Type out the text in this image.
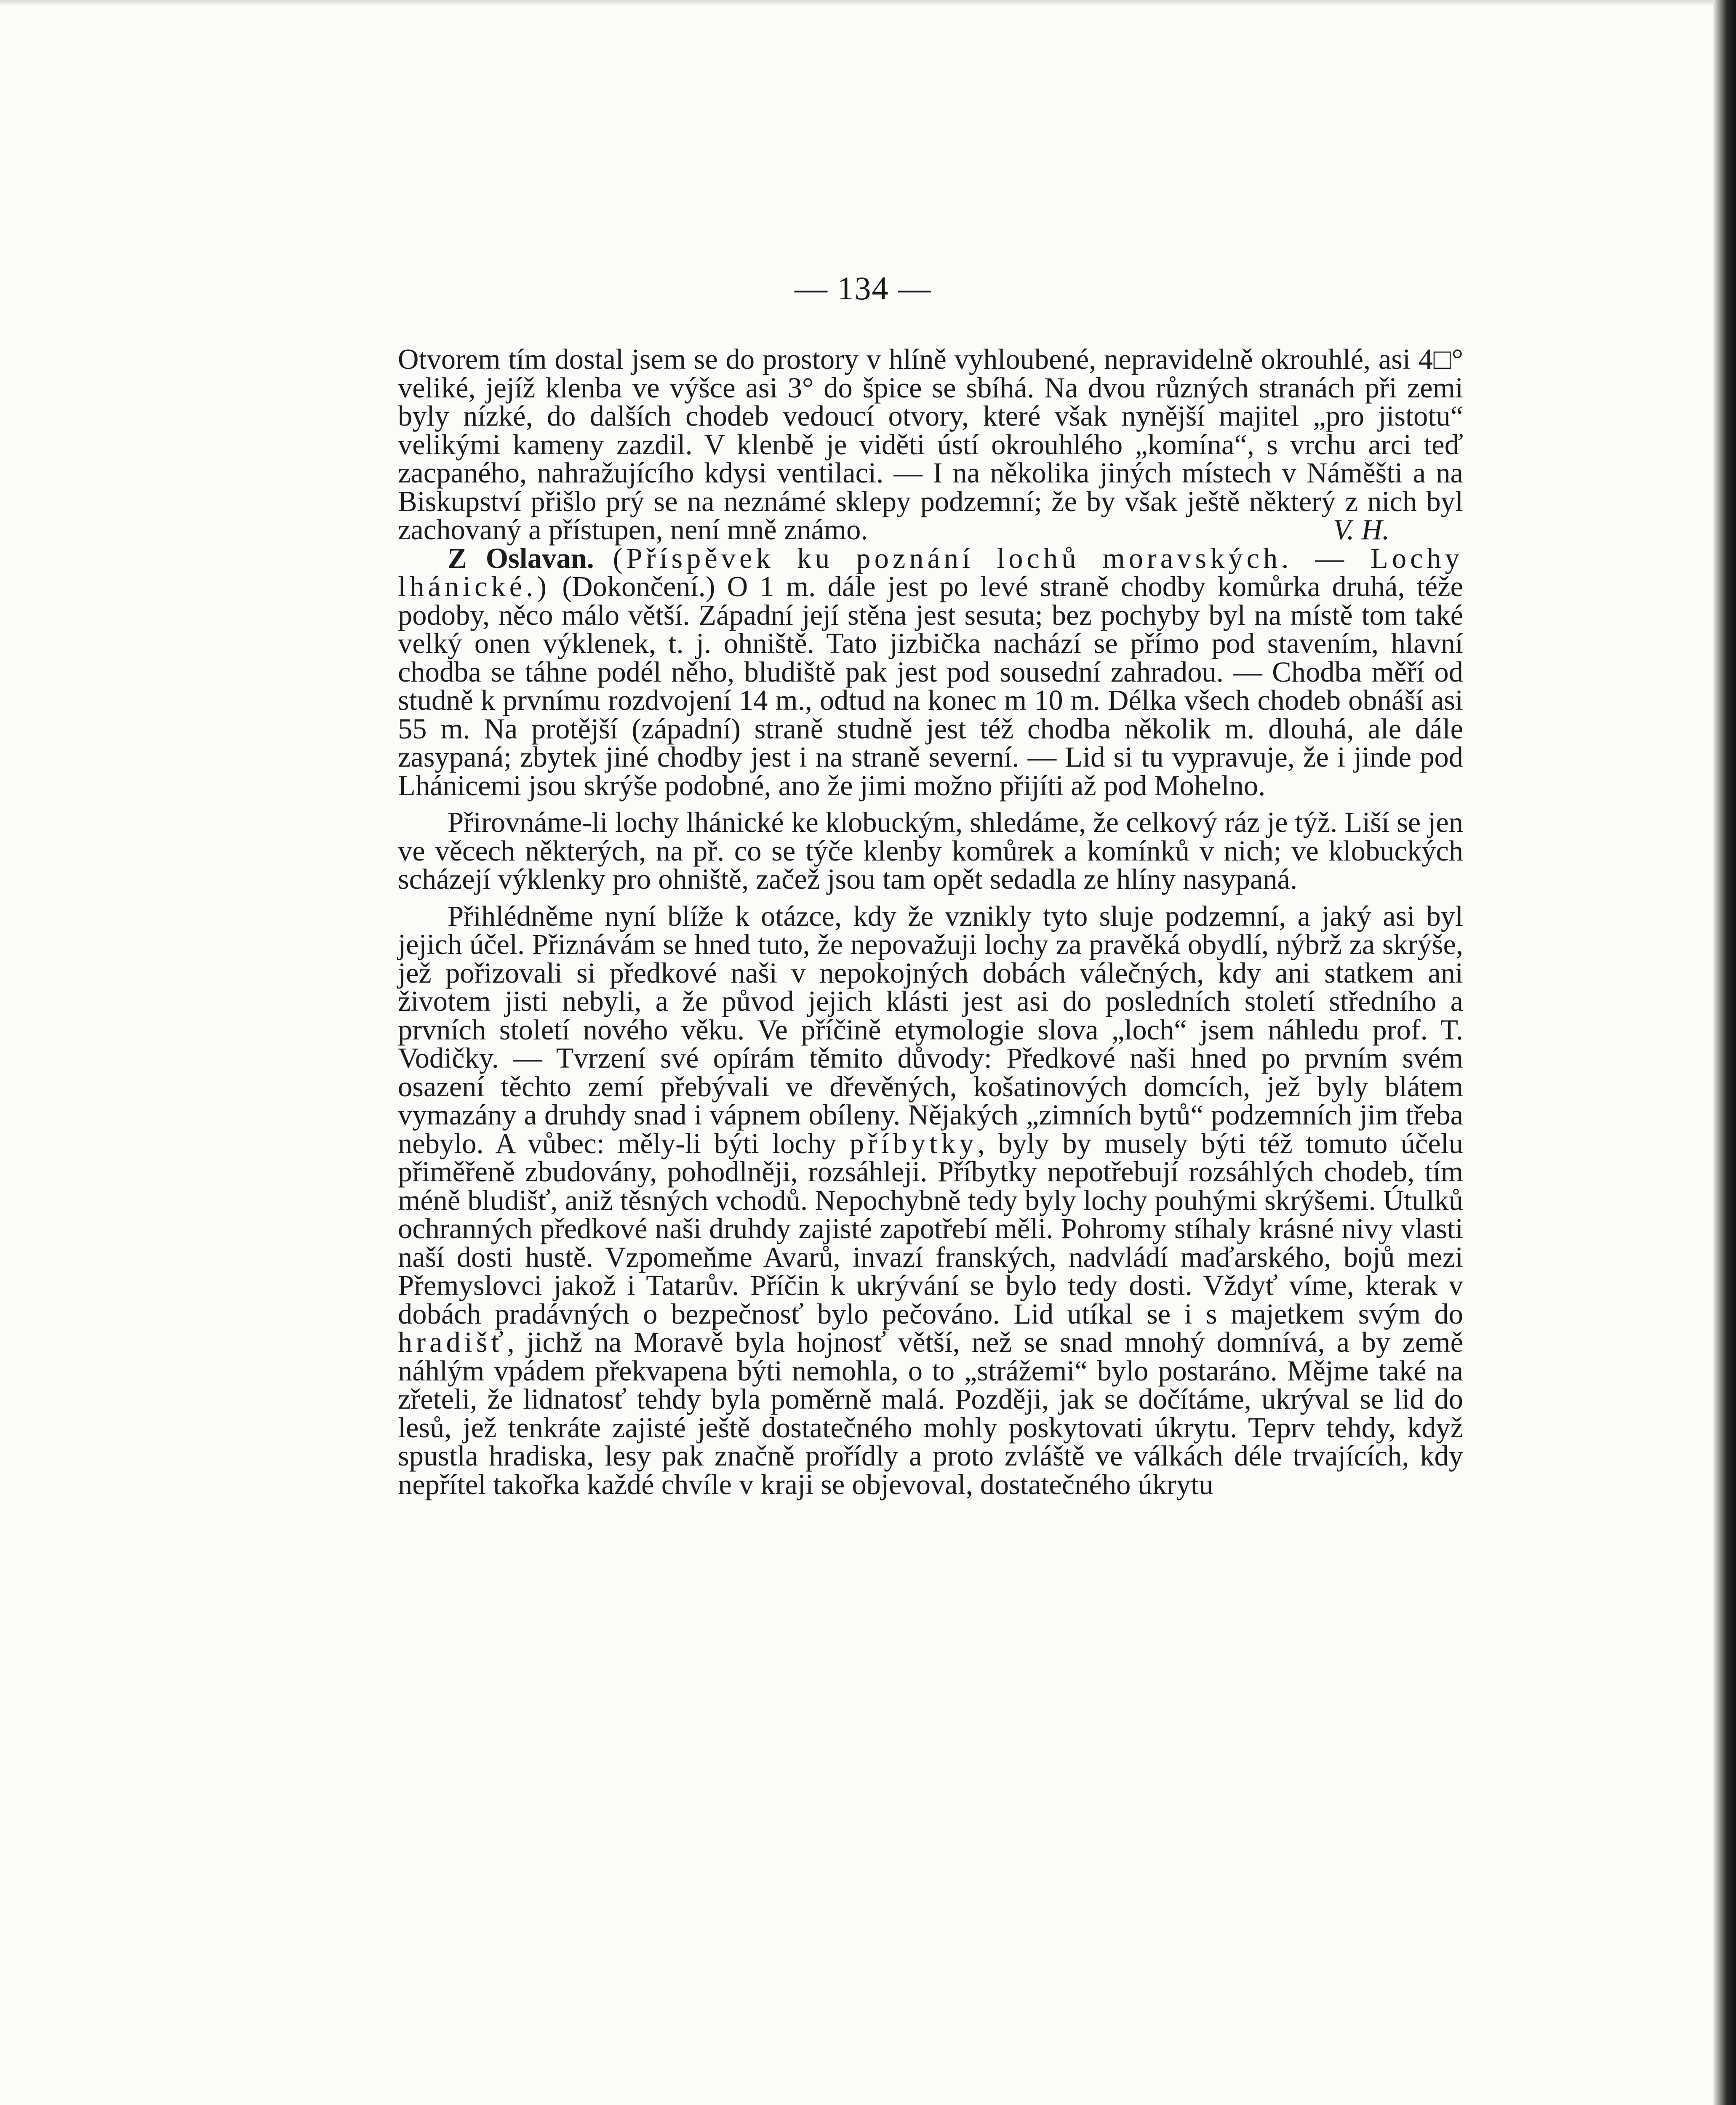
— 134 —

Otvorem tím dostal jsem se do prostory v hlíně vyhloubené, nepravidelně okrouhlé, asi 4□° veliké, jejíž klenba ve výšce asi 3° do špice se sbíhá. Na dvou různých stranách při zemi byly nízké, do dalších chodeb vedoucí otvory, které však nynější majitel „pro jistotu“ velikými kameny zazdil. V klenbě je viděti ústí okrouhlého „komína“, s vrchu arci teď zacpaného, nahražujícího kdysi ventilaci. — I na několika jiných místech v Náměšti a na Biskupství přišlo prý se na neznámé sklepy podzemní; že by však ještě některý z nich byl zachovaný a přístupen, není mně známo.	V. H.

Z Oslavan. (Příspěvek ku poznání lochů moravských. — Lochy lhánické.) (Dokončení.) O 1 m. dále jest po levé straně chodby komůrka druhá, téže podoby, něco málo větší. Západní její stěna jest sesuta; bez pochyby byl na místě tom také velký onen výklenek, t. j. ohniště. Tato jizbička nachází se přímo pod stavením, hlavní chodba se táhne podél něho, bludiště pak jest pod sousední zahradou. — Chodba měří od studně k prvnímu rozdvojení 14 m., odtud na konec m 10 m. Délka všech chodeb obnáší asi 55 m. Na protější (západní) straně studně jest též chodba několik m. dlouhá, ale dále zasypaná; zbytek jiné chodby jest i na straně severní. — Lid si tu vypravuje, že i jinde pod Lhánicemi jsou skrýše podobné, ano že jimi možno přijíti až pod Mohelno.

Přirovnáme-li lochy lhánické ke klobuckým, shledáme, že celkový ráz je týž. Liší se jen ve věcech některých, na př. co se týče klenby komůrek a komínků v nich; ve klobuckých scházejí výklenky pro ohniště, začež jsou tam opět sedadla ze hlíny nasypaná.

Přihlédněme nyní blíže k otázce, kdy že vznikly tyto sluje podzemní, a jaký asi byl jejich účel. Přiznávám se hned tuto, že nepovažuji lochy za pravěká obydlí, nýbrž za skrýše, jež pořizovali si předkové naši v nepokojných dobách válečných, kdy ani statkem ani životem jisti nebyli, a že původ jejich klásti jest asi do posledních století středního a prvních století nového věku. Ve příčině etymologie slova „loch“ jsem náhledu prof. T. Vodičky. — Tvrzení své opírám těmito důvody: Předkové naši hned po prvním svém osazení těchto zemí přebývali ve dřevěných, košatinových domcích, jež byly blátem vymazány a druhdy snad i vápnem obíleny. Nějakých „zimních bytů“ podzemních jim třeba nebylo. A vůbec: měly-li býti lochy příbytky, byly by musely býti též tomuto účelu přiměřeně zbudovány, pohodlněji, rozsáhleji. Příbytky nepotřebují rozsáhlých chodeb, tím méně bludišť, aniž těsných vchodů. Nepochybně tedy byly lochy pouhými skrýšemi. Útulků ochranných předkové naši druhdy zajisté zapotřebí měli. Pohromy stíhaly krásné nivy vlasti naší dosti hustě. Vzpomeňme Avarů, invazí franských, nadvládí maďarského, bojů mezi Přemyslovci jakož i Tatarův. Příčin k ukrývání se bylo tedy dosti. Vždyť víme, kterak v dobách pradávných o bezpečnosť bylo pečováno. Lid utíkal se i s majetkem svým do hradišť, jichž na Moravě byla hojnosť větší, než se snad mnohý domnívá, a by země náhlým vpádem překvapena býti nemohla, o to „strážemi“ bylo postaráno. Mějme také na zřeteli, že lidnatosť tehdy byla poměrně malá. Později, jak se dočítáme, ukrýval se lid do lesů, jež tenkráte zajisté ještě dostatečného mohly poskytovati úkrytu. Teprv tehdy, když spustla hradiska, lesy pak značně prořídly a proto zvláště ve válkách déle trvajících, kdy nepřítel takořka každé chvíle v kraji se objevoval, dostatečného úkrytu
